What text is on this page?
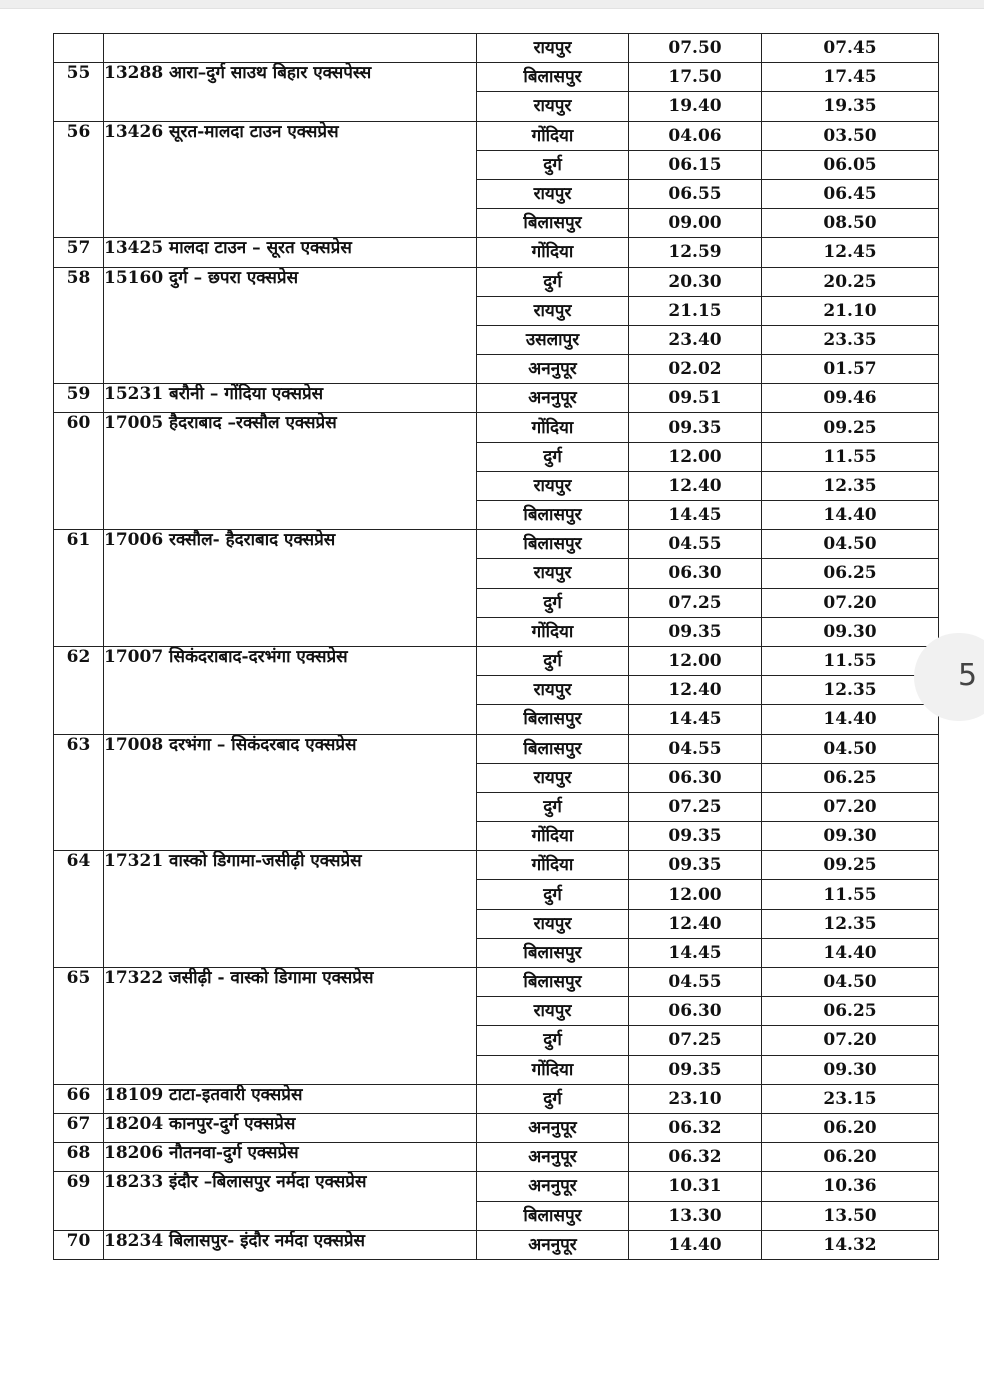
		रायपुर	07.50	07.45
55	13288 आरा–दुर्ग साउथ बिहार एक्सपेस्स	बिलासपुर	17.50	17.45
		रायपुर	19.40	19.35
56	13426 सूरत-मालदा टाउन एक्सप्रेस	गोंदिया	04.06	03.50
		दुर्ग	06.15	06.05
		रायपुर	06.55	06.45
		बिलासपुर	09.00	08.50
57	13425 मालदा टाउन – सूरत एक्सप्रेस	गोंदिया	12.59	12.45
58	15160 दुर्ग – छपरा एक्सप्रेस	दुर्ग	20.30	20.25
		रायपुर	21.15	21.10
		उसलापुर	23.40	23.35
		अननुपूर	02.02	01.57
59	15231 बरौनी – गोंदिया एक्सप्रेस	अननुपूर	09.51	09.46
60	17005 हैदराबाद –रक्सौल एक्सप्रेस	गोंदिया	09.35	09.25
		दुर्ग	12.00	11.55
		रायपुर	12.40	12.35
		बिलासपुर	14.45	14.40
61	17006 रक्सौल- हैदराबाद एक्सप्रेस	बिलासपुर	04.55	04.50
		रायपुर	06.30	06.25
		दुर्ग	07.25	07.20
		गोंदिया	09.35	09.30
62	17007 सिकंदराबाद-दरभंगा एक्सप्रेस	दुर्ग	12.00	11.55
		रायपुर	12.40	12.35
		बिलासपुर	14.45	14.40
63	17008 दरभंगा – सिकंदरबाद एक्सप्रेस	बिलासपुर	04.55	04.50
		रायपुर	06.30	06.25
		दुर्ग	07.25	07.20
		गोंदिया	09.35	09.30
64	17321 वास्को डिगामा-जसीढ़ी एक्सप्रेस	गोंदिया	09.35	09.25
		दुर्ग	12.00	11.55
		रायपुर	12.40	12.35
		बिलासपुर	14.45	14.40
65	17322 जसीढ़ी - वास्को डिगामा एक्सप्रेस	बिलासपुर	04.55	04.50
		रायपुर	06.30	06.25
		दुर्ग	07.25	07.20
		गोंदिया	09.35	09.30
66	18109 टाटा-इतवारी एक्सप्रेस	दुर्ग	23.10	23.15
67	18204 कानपुर-दुर्ग एक्सप्रेस	अननुपूर	06.32	06.20
68	18206 नौतनवा-दुर्ग एक्सप्रेस	अननुपूर	06.32	06.20
69	18233 इंदौर –बिलासपुर नर्मदा एक्सप्रेस	अननुपूर	10.31	10.36
		बिलासपुर	13.30	13.50
70	18234 बिलासपुर- इंदौर नर्मदा एक्सप्रेस	अननुपूर	14.40	14.32
5
